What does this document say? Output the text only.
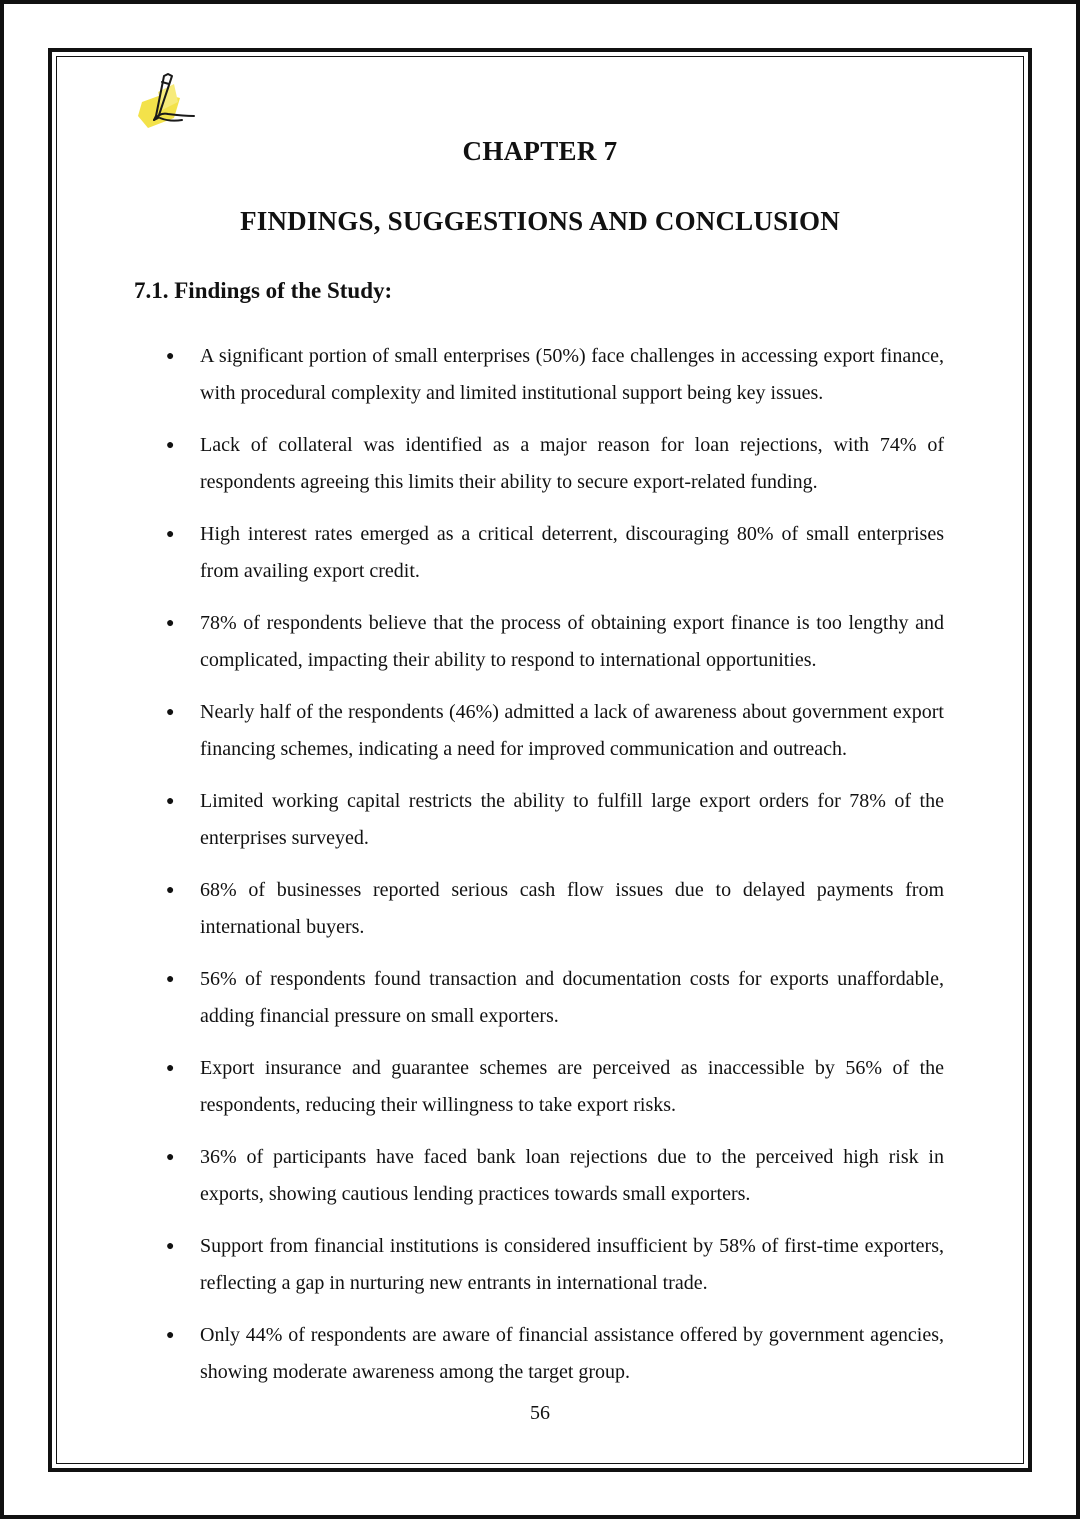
CHAPTER 7
FINDINGS, SUGGESTIONS AND CONCLUSION
7.1. Findings of the Study:
● A significant portion of small enterprises (50%) face challenges in accessing export finance, with procedural complexity and limited institutional support being key issues.
● Lack of collateral was identified as a major reason for loan rejections, with 74% of respondents agreeing this limits their ability to secure export-related funding.
● High interest rates emerged as a critical deterrent, discouraging 80% of small enterprises from availing export credit.
● 78% of respondents believe that the process of obtaining export finance is too lengthy and complicated, impacting their ability to respond to international opportunities.
● Nearly half of the respondents (46%) admitted a lack of awareness about government export financing schemes, indicating a need for improved communication and outreach.
● Limited working capital restricts the ability to fulfill large export orders for 78% of the enterprises surveyed.
● 68% of businesses reported serious cash flow issues due to delayed payments from international buyers.
● 56% of respondents found transaction and documentation costs for exports unaffordable, adding financial pressure on small exporters.
● Export insurance and guarantee schemes are perceived as inaccessible by 56% of the respondents, reducing their willingness to take export risks.
● 36% of participants have faced bank loan rejections due to the perceived high risk in exports, showing cautious lending practices towards small exporters.
● Support from financial institutions is considered insufficient by 58% of first-time exporters, reflecting a gap in nurturing new entrants in international trade.
● Only 44% of respondents are aware of financial assistance offered by government agencies, showing moderate awareness among the target group.
56
